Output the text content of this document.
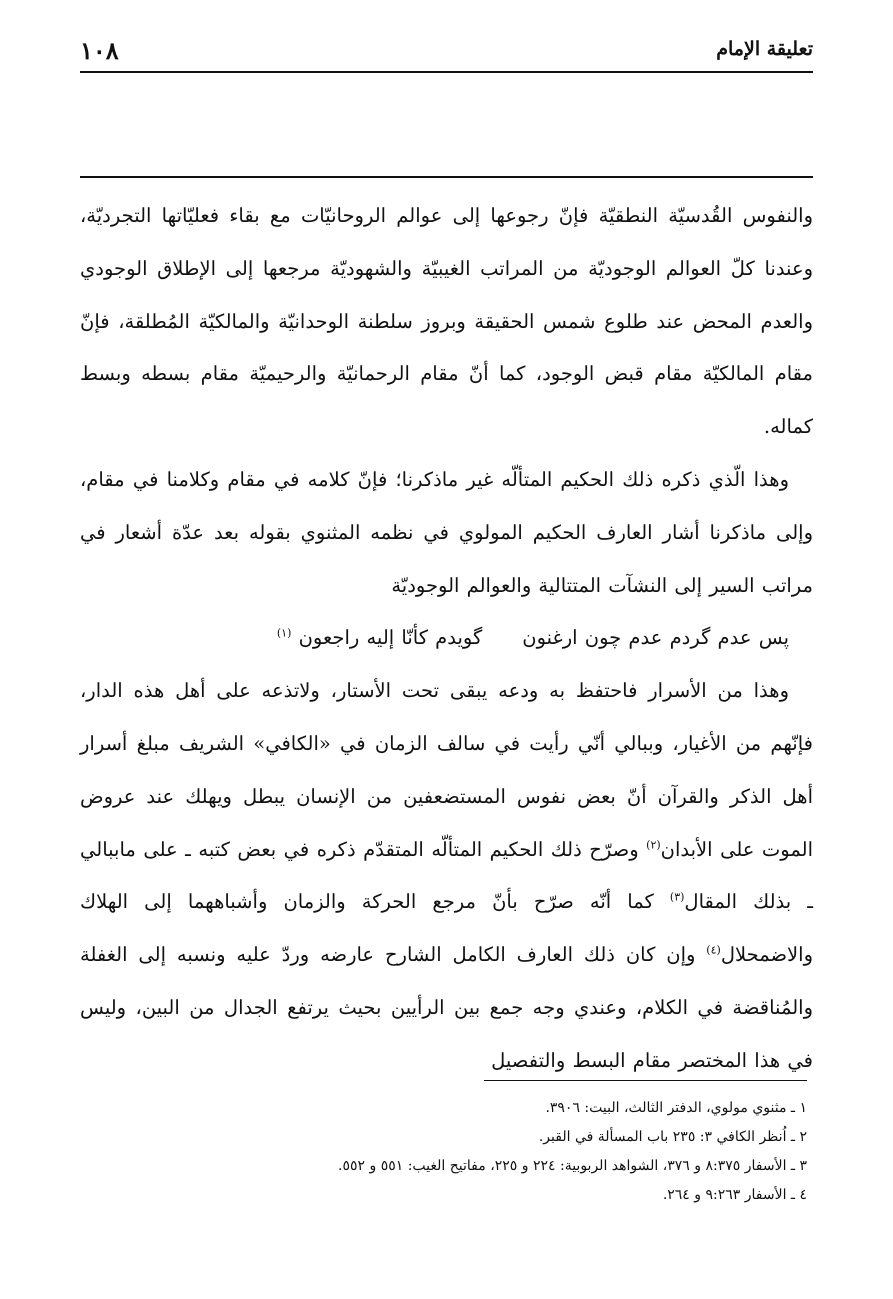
١٠٨	تعليقة الإمام

والنفوس القُدسيّة النطقيّة فإنّ رجوعها إلى عوالم الروحانيّات مع بقاء فعليّاتها التجرديّة، وعندنا كلّ العوالم الوجوديّة من المراتب الغيبيّة والشهوديّة مرجعها إلى الإطلاق الوجودي والعدم المحض عند طلوع شمس الحقيقة وبروز سلطنة الوحدانيّة والمالكيّة المُطلقة، فإنّ مقام المالكيّة مقام قبض الوجود، كما أنّ مقام الرحمانيّة والرحيميّة مقام بسطه وبسط كماله.

وهذا الّذي ذكره ذلك الحكيم المتألّه غير ماذكرنا؛ فإنّ كلامه في مقام وكلامنا في مقام، وإلى ماذكرنا أشار العارف الحكيم المولوي في نظمه المثنوي بقوله بعد عدّة أشعار في مراتب السير إلى النشآت المتتالية والعوالم الوجوديّة

پس عدم گردم عدم چون ارغنونگويدم كأنّا إليه راجعون $^{(١)}$

وهذا من الأسرار فاحتفظ به ودعه يبقى تحت الأستار، ولاتذعه على أهل هذه الدار، فإنّهم من الأغيار، وببالي أنّي رأيت في سالف الزمان في «الكافي» الشريف مبلغ أسرار أهل الذكر والقرآن أنّ بعض نفوس المستضعفين من الإنسان يبطل ويهلك عند عروض الموت على الأبدان$^{(٢)}$ وصرّح ذلك الحكيم المتألّه المتقدّم ذكره في بعض كتبه ـ على ماببالي ـ بذلك المقال$^{(٣)}$ كما أنّه صرّح بأنّ مرجع الحركة والزمان وأشباههما إلى الهلاك والاضمحلال$^{(٤)}$ وإن كان ذلك العارف الكامل الشارح عارضه وردّ عليه ونسبه إلى الغفلة والمُناقضة في الكلام، وعندي وجه جمع بين الرأيين بحيث يرتفع الجدال من البين، وليس في هذا المختصر مقام البسط والتفصيل

١ ـ مثنوي مولوي، الدفتر الثالث، البيت: ٣٩٠٦.

٢ ـ اُنظر الكافي ٣: ٢٣٥ باب المسألة في القبر.

٣ ـ الأسفار ٨:٣٧٥ و ٣٧٦، الشواهد الربوبية: ٢٢٤ و ٢٢٥، مفاتيح الغيب: ٥٥١ و ٥٥٢.

٤ ـ الأسفار ٩:٢٦٣ و ٢٦٤.
